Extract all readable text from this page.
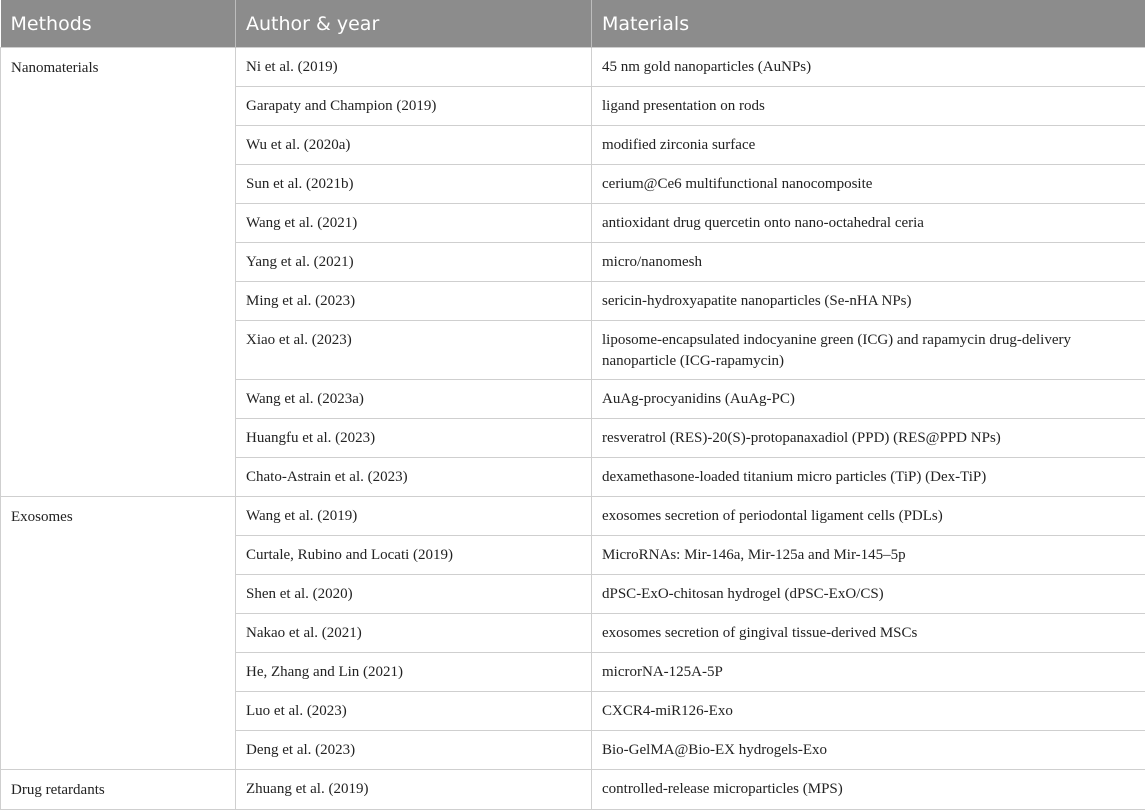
Methods	Author & year	Materials
Nanomaterials	Ni et al. (2019)	45 nm gold nanoparticles (AuNPs)
	Garapaty and Champion (2019)	ligand presentation on rods
	Wu et al. (2020a)	modified zirconia surface
	Sun et al. (2021b)	cerium@Ce6 multifunctional nanocomposite
	Wang et al. (2021)	antioxidant drug quercetin onto nano-octahedral ceria
	Yang et al. (2021)	micro/nanomesh
	Ming et al. (2023)	sericin-hydroxyapatite nanoparticles (Se-nHA NPs)
	Xiao et al. (2023)	liposome-encapsulated indocyanine green (ICG) and rapamycin drug-delivery nanoparticle (ICG-rapamycin)
	Wang et al. (2023a)	AuAg-procyanidins (AuAg-PC)
	Huangfu et al. (2023)	resveratrol (RES)-20(S)-protopanaxadiol (PPD) (RES@PPD NPs)
	Chato-Astrain et al. (2023)	dexamethasone-loaded titanium micro particles (TiP) (Dex-TiP)
Exosomes	Wang et al. (2019)	exosomes secretion of periodontal ligament cells (PDLs)
	Curtale, Rubino and Locati (2019)	MicroRNAs: Mir-146a, Mir-125a and Mir-145–5p
	Shen et al. (2020)	dPSC-ExO-chitosan hydrogel (dPSC-ExO/CS)
	Nakao et al. (2021)	exosomes secretion of gingival tissue-derived MSCs
	He, Zhang and Lin (2021)	microrNA-125A-5P
	Luo et al. (2023)	CXCR4-miR126-Exo
	Deng et al. (2023)	Bio-GelMA@Bio-EX hydrogels-Exo
Drug retardants	Zhuang et al. (2019)	controlled-release microparticles (MPS)
